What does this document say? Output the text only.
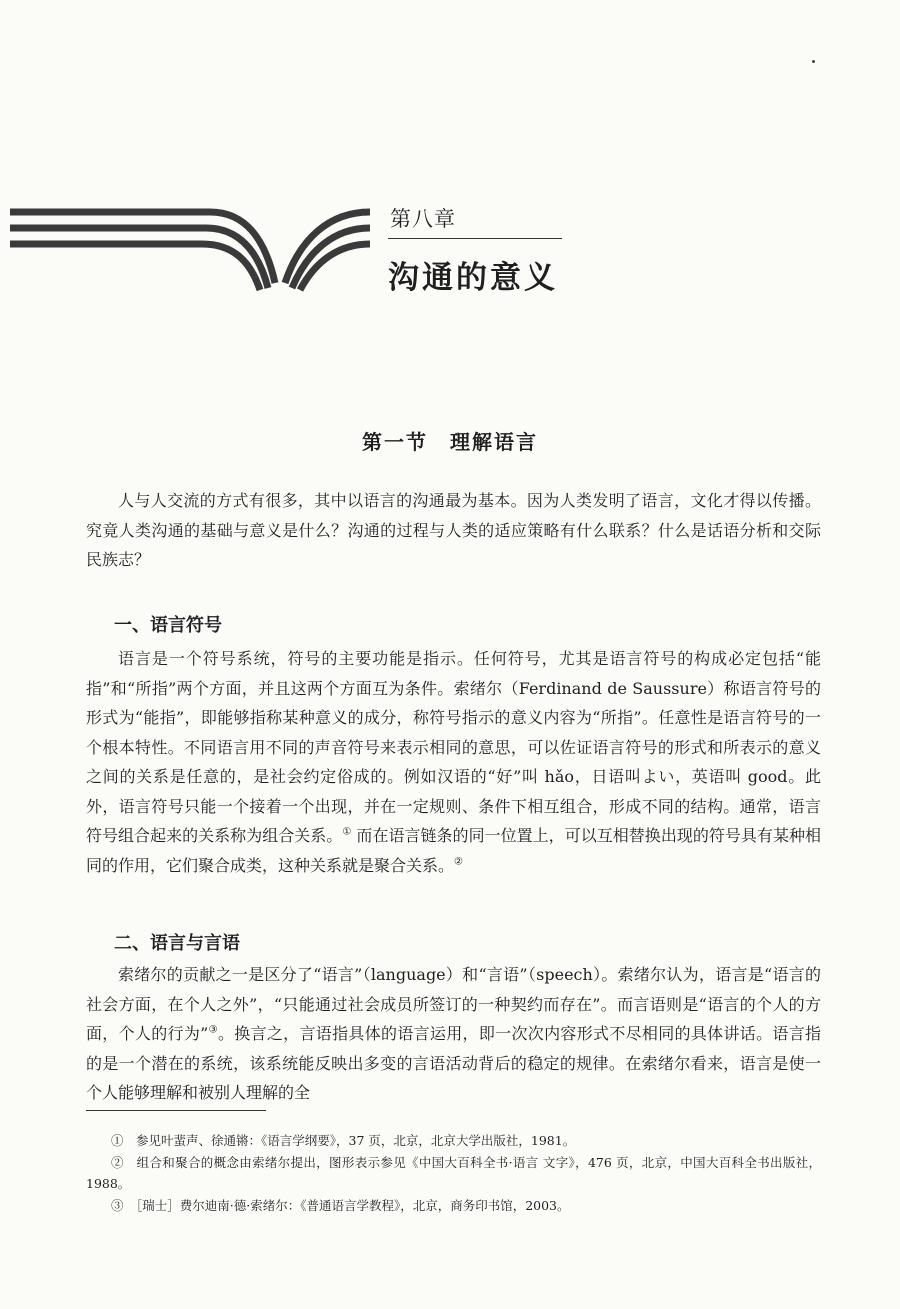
第八章
沟通的意义
第一节　理解语言

人与人交流的方式有很多，其中以语言的沟通最为基本。因为人类发明了语言，文化才得以传播。究竟人类沟通的基础与意义是什么？沟通的过程与人类的适应策略有什么联系？什么是话语分析和交际民族志？

一、语言符号

语言是一个符号系统，符号的主要功能是指示。任何符号，尤其是语言符号的构成必定包括“能指”和“所指”两个方面，并且这两个方面互为条件。索绪尔（Ferdinand de Saussure）称语言符号的形式为“能指”，即能够指称某种意义的成分，称符号指示的意义内容为“所指”。任意性是语言符号的一个根本特性。不同语言用不同的声音符号来表示相同的意思，可以佐证语言符号的形式和所表示的意义之间的关系是任意的，是社会约定俗成的。例如汉语的“好”叫 hǎo，日语叫よい，英语叫 good。此外，语言符号只能一个接着一个出现，并在一定规则、条件下相互组合，形成不同的结构。通常，语言符号组合起来的关系称为组合关系。① 而在语言链条的同一位置上，可以互相替换出现的符号具有某种相同的作用，它们聚合成类，这种关系就是聚合关系。②

二、语言与言语

索绪尔的贡献之一是区分了“语言”（language）和“言语”（speech）。索绪尔认为，语言是“语言的社会方面，在个人之外”，“只能通过社会成员所签订的一种契约而存在”。而言语则是“语言的个人的方面，个人的行为”③。换言之，言语指具体的语言运用，即一次次内容形式不尽相同的具体讲话。语言指的是一个潜在的系统，该系统能反映出多变的言语活动背后的稳定的规律。在索绪尔看来，语言是使一个人能够理解和被别人理解的全

①　参见叶蜚声、徐通锵：《语言学纲要》，37 页，北京，北京大学出版社，1981。

②　组合和聚合的概念由索绪尔提出，图形表示参见《中国大百科全书·语言 文字》，476 页，北京，中国大百科全书出版社，1988。

③　［瑞士］费尔迪南·德·索绪尔：《普通语言学教程》，北京，商务印书馆，2003。
